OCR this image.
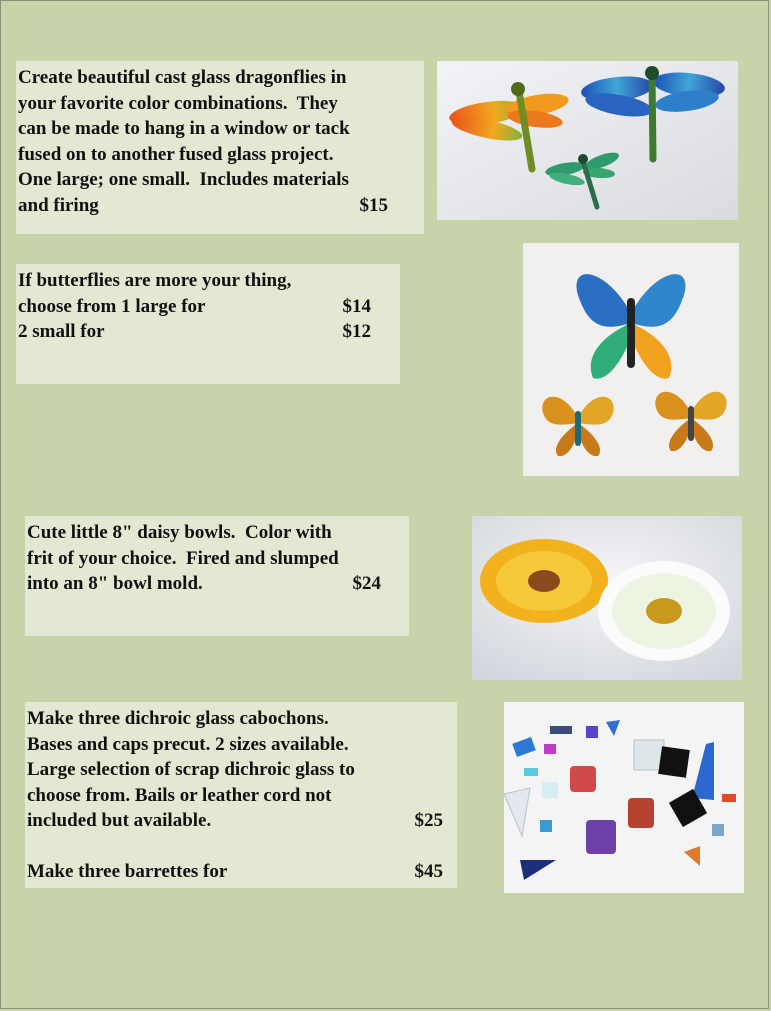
Create beautiful cast glass dragonflies in
your favorite color combinations.  They
can be made to hang in a window or tack
fused on to another fused glass project.
One large; one small.  Includes materials
and firing	$15
If butterflies are more your thing,
choose from 1 large for	$14
2 small for	$12
Cute little 8" daisy bowls.  Color with
frit of your choice.  Fired and slumped
into an 8" bowl mold.	$24
Make three dichroic glass cabochons.
Bases and caps precut. 2 sizes available.
Large selection of scrap dichroic glass to
choose from. Bails or leather cord not
included but available.	$25
Make three barrettes for	$45
